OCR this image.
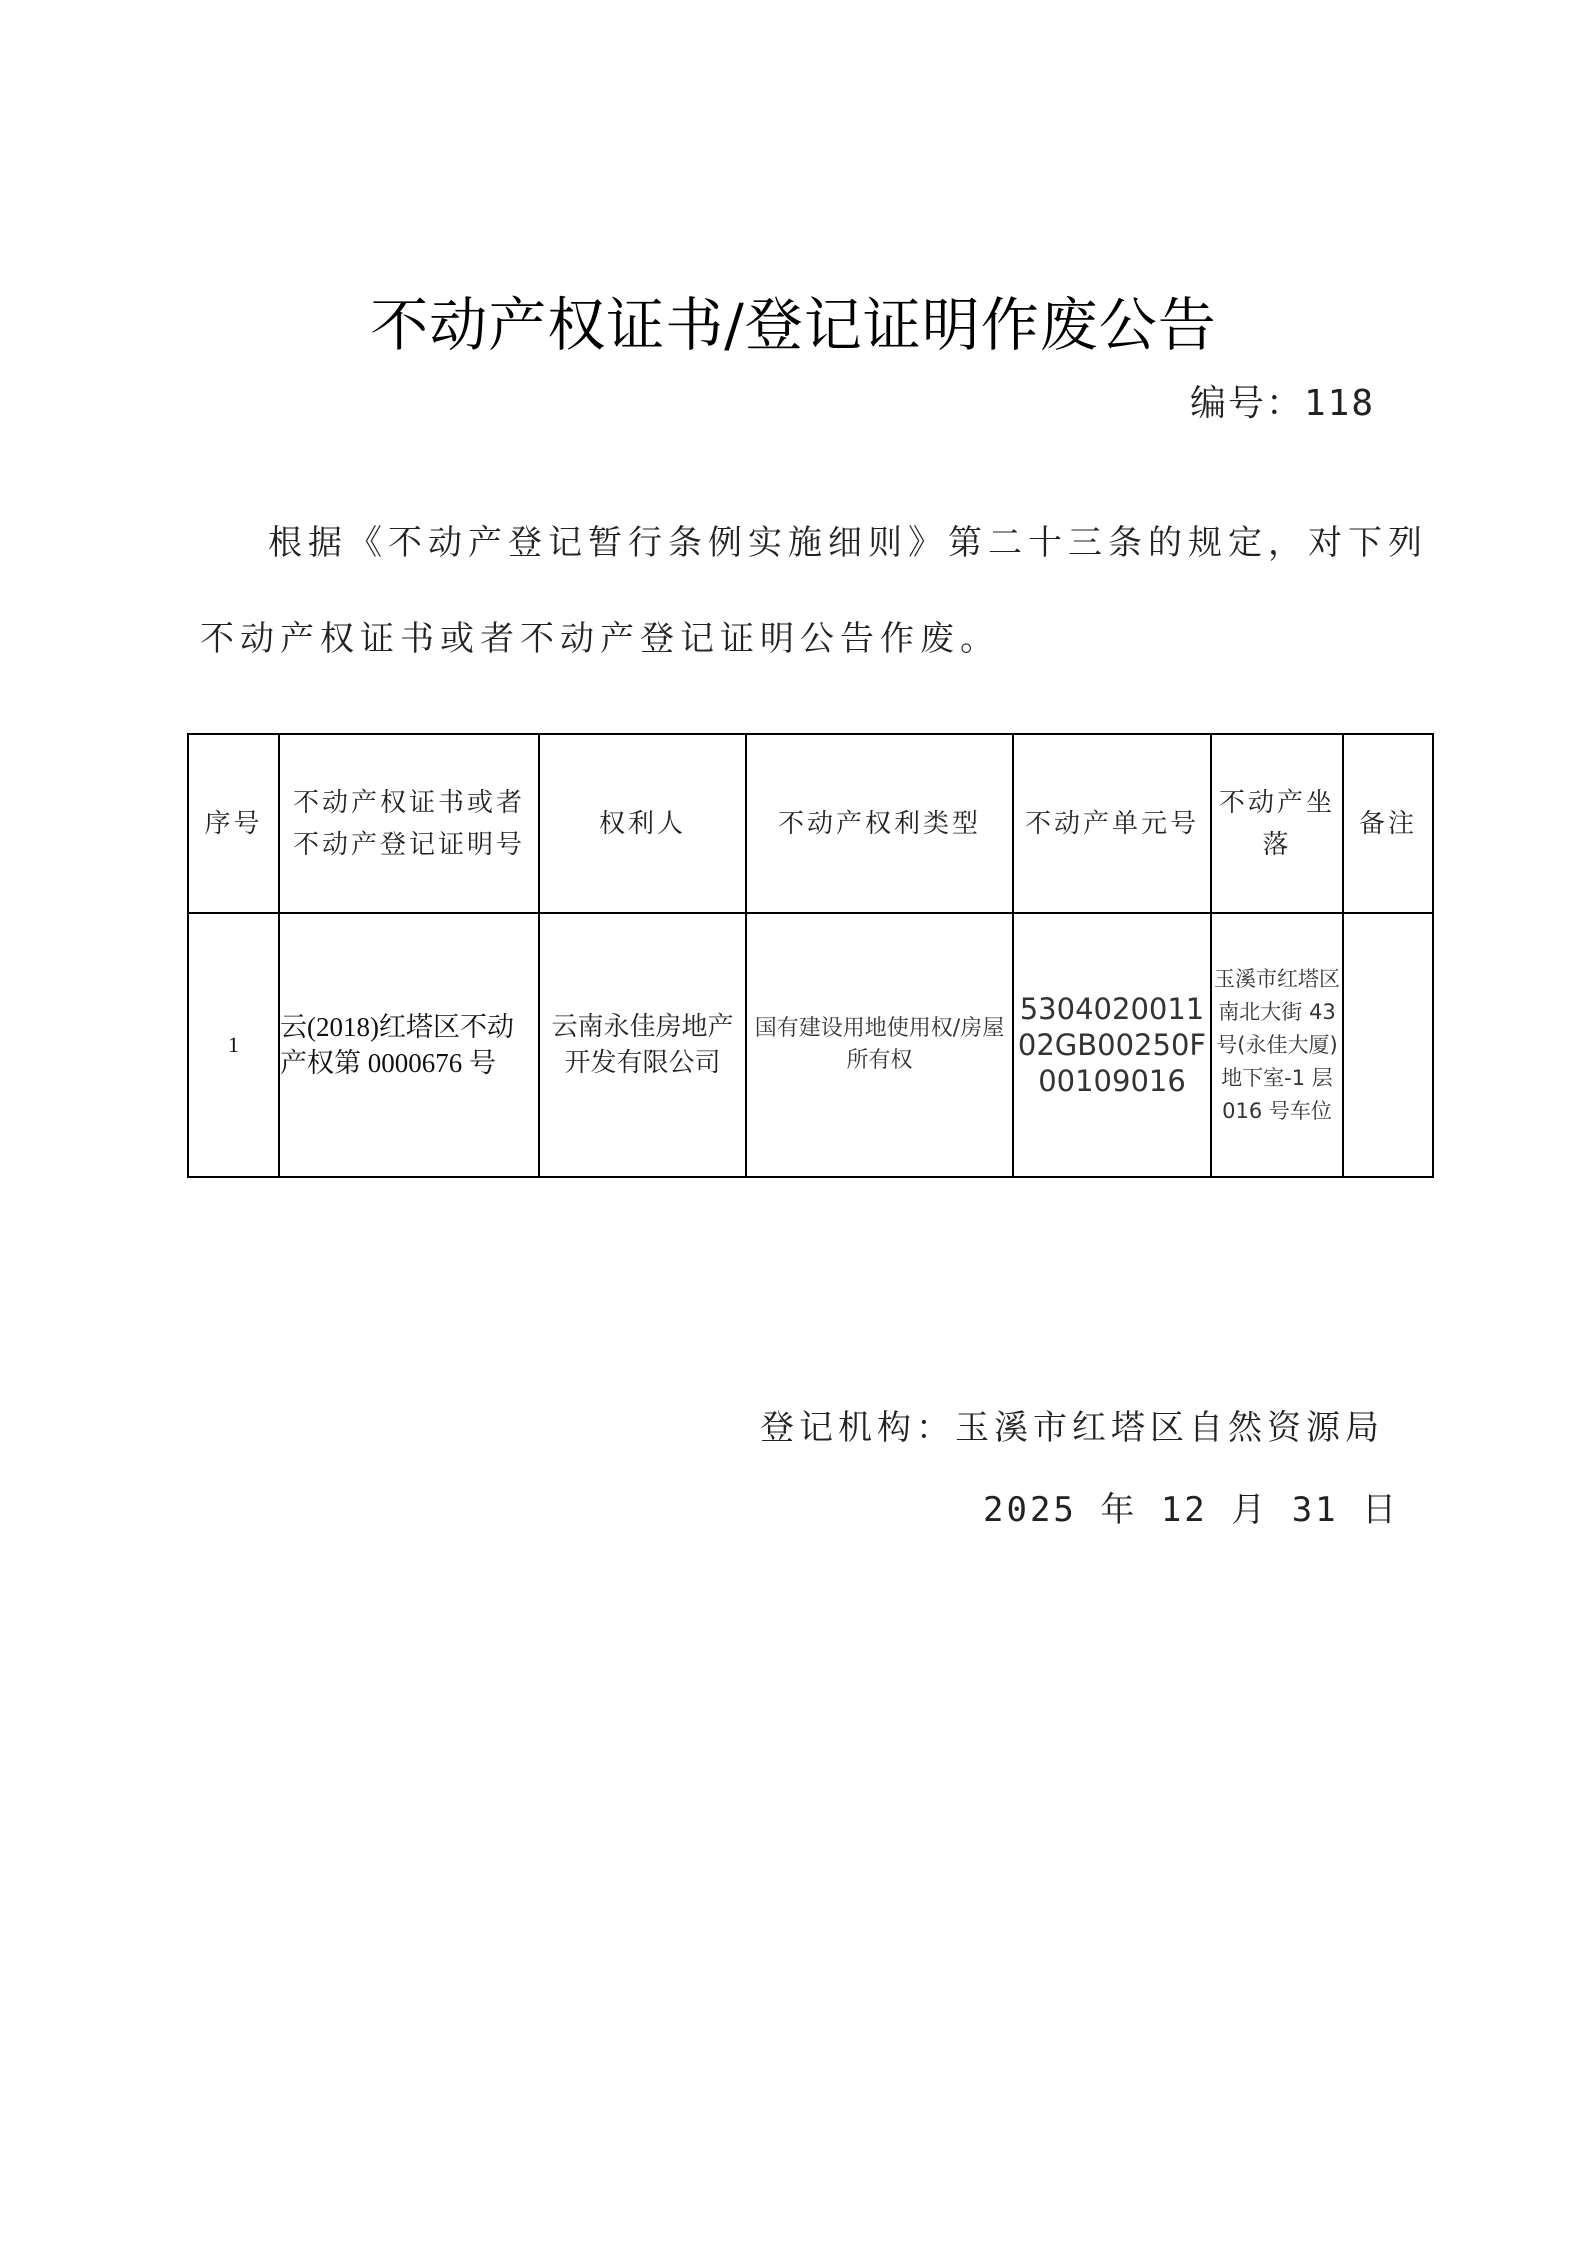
不动产权证书/登记证明作废公告
编号：118
根据《不动产登记暂行条例实施细则》第二十三条的规定，对下列不动产权证书或者不动产登记证明公告作废。
序号	不动产权证书或者不动产登记证明号	权利人	不动产权利类型	不动产单元号	不动产坐落	备注
1	云(2018)红塔区不动产权第 0000676 号	云南永佳房地产开发有限公司	国有建设用地使用权/房屋所有权	530402001102GB00250F00109016	玉溪市红塔区南北大街 43 号(永佳大厦)地下室-1 层 016 号车位	
登记机构：玉溪市红塔区自然资源局
2025 年 12 月 31 日
